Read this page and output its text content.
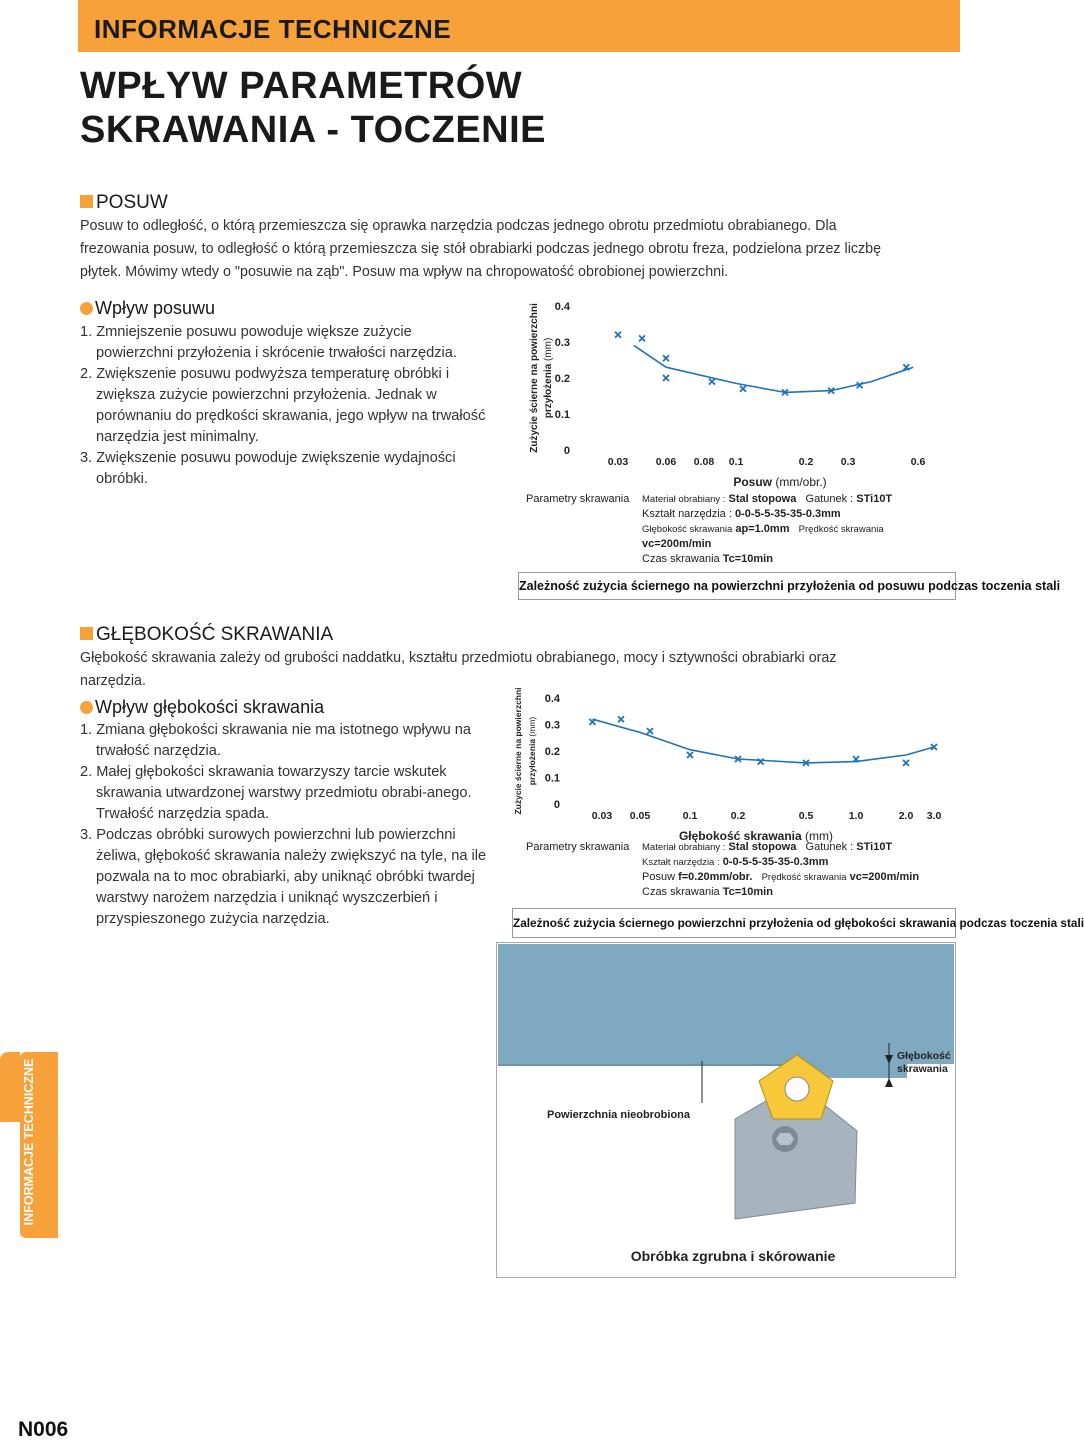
INFORMACJE TECHNICZNE
WPŁYW PARAMETRÓW
SKRAWANIA - TOCZENIE
POSUW
Posuw to odległość, o którą przemieszcza się oprawka narzędzia podczas jednego obrotu przedmiotu obrabianego. Dla
frezowania posuw, to odległość o którą przemieszcza się stół obrabiarki podczas jednego obrotu freza, podzielona przez liczbę
płytek. Mówimy wtedy o "posuwie na ząb". Posuw ma wpływ na chropowatość obrobionej powierzchni.
Wpływ posuwu
1. Zmniejszenie posuwu powoduje większe zużycie powierzchni przyłożenia i skrócenie trwałości narzędzia.
2. Zwiększenie posuwu podwyższa temperaturę obróbki i zwiększa zużycie powierzchni przyłożenia. Jednak w porównaniu do prędkości skrawania, jego wpływ na trwałość narzędzia jest minimalny.
3. Zwiększenie posuwu powoduje zwiększenie wydajności obróbki.
0
0.1
0.2
0.3
0.4
0.03	0.06 0.08 0.1	0.2	0.3	0.6
Posuw (mm/obr.)
Zużycie ścierne na powierzchni przyłożenia (mm)
Parametry skrawania Materiał obrabiany : Stal stopowa Gatunek : STi10T
Kształt narzędzia : 0-0-5-5-35-35-0.3mm
Głębokość skrawania ap=1.0mm Prędkość skrawania vc=200m/min
Czas skrawania Tc=10min
Zależność zużycia ściernego na powierzchni przyłożenia od posuwu podczas toczenia stali
GŁĘBOKOŚĆ SKRAWANIA
Głębokość skrawania zależy od grubości naddatku, kształtu przedmiotu obrabianego, mocy i sztywności obrabiarki oraz
narzędzia.
Wpływ głębokości skrawania
1. Zmiana głębokości skrawania nie ma istotnego wpływu na trwałość narzędzia.
2. Małej głębokości skrawania towarzyszy tarcie wskutek skrawania utwardzonej warstwy przedmiotu obrabi-anego. Trwałość narzędzia spada.
3. Podczas obróbki surowych powierzchni lub powierzchni żeliwa, głębokość skrawania należy zwiększyć na tyle, na ile pozwala na to moc obrabiarki, aby uniknąć obróbki twardej warstwy narożem narzędzia i uniknąć wyszczerbień i przyspieszonego zużycia narzędzia.
0
0.1
0.2
0.3
0.4
0.03 0.05	0.1	0.2	0.5	1.0	2.0 3.0
Głębokość skrawania (mm)
Zużycie ścierne na powierzchni przyłożenia (mm)
Parametry skrawania Materiał obrabiany : Stal stopowa Gatunek : STi10T
Kształt narzędzia : 0-0-5-5-35-35-0.3mm
Posuw f=0.20mm/obr. Prędkość skrawania vc=200m/min
Czas skrawania Tc=10min
Zależność zużycia ściernego powierzchni przyłożenia od głębokości skrawania podczas toczenia stali
Głębokość skrawania
Powierzchnia nieobrobiona
Obróbka zgrubna i skórowanie
INFORMACJE TECHNICZNE
N006
